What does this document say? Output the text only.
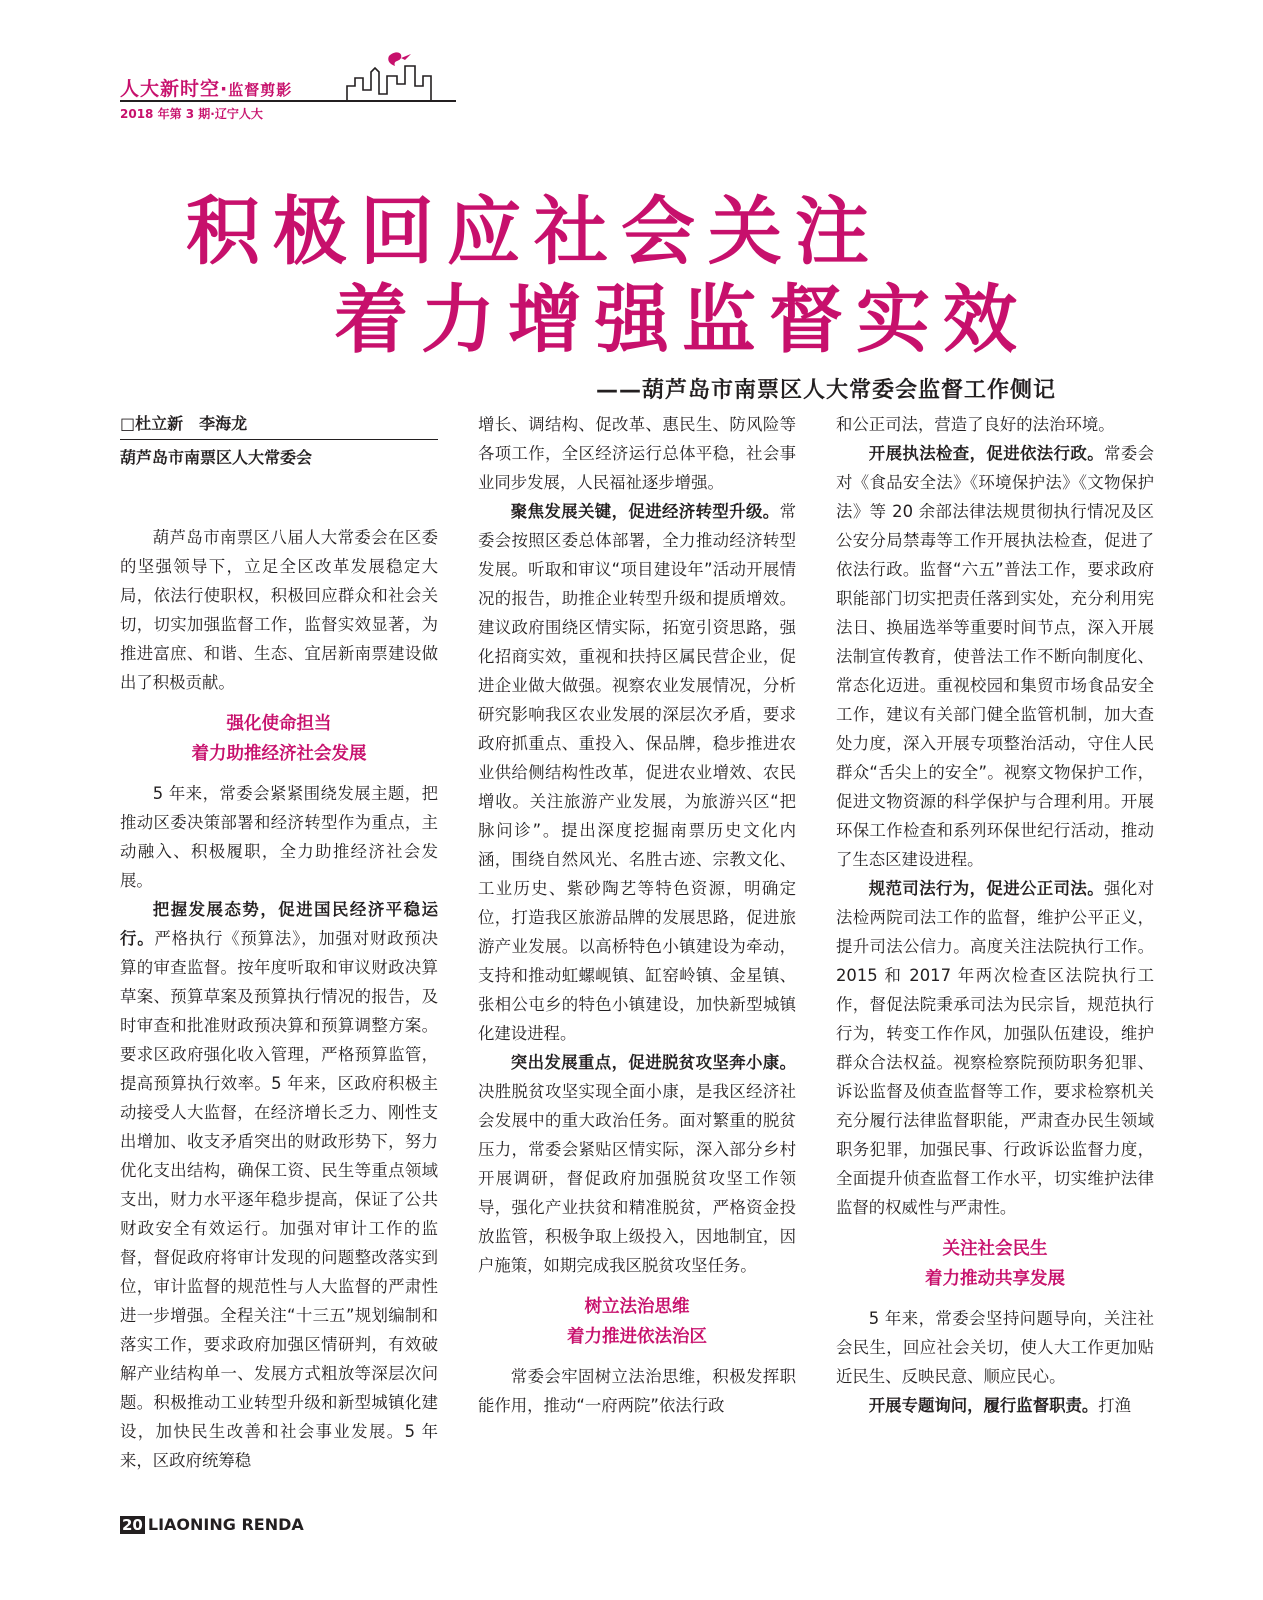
人大新时空·监督剪影
2018 年第 3 期·辽宁人大
积极回应社会关注
着力增强监督实效
——葫芦岛市南票区人大常委会监督工作侧记
□杜立新　李海龙
葫芦岛市南票区人大常委会

葫芦岛市南票区八届人大常委会在区委的坚强领导下，立足全区改革发展稳定大局，依法行使职权，积极回应群众和社会关切，切实加强监督工作，监督实效显著，为推进富庶、和谐、生态、宜居新南票建设做出了积极贡献。

强化使命担当
着力助推经济社会发展

5 年来，常委会紧紧围绕发展主题，把推动区委决策部署和经济转型作为重点，主动融入、积极履职，全力助推经济社会发展。

把握发展态势，促进国民经济平稳运行。严格执行《预算法》，加强对财政预决算的审查监督。按年度听取和审议财政决算草案、预算草案及预算执行情况的报告，及时审查和批准财政预决算和预算调整方案。要求区政府强化收入管理，严格预算监管，提高预算执行效率。5 年来，区政府积极主动接受人大监督，在经济增长乏力、刚性支出增加、收支矛盾突出的财政形势下，努力优化支出结构，确保工资、民生等重点领域支出，财力水平逐年稳步提高，保证了公共财政安全有效运行。加强对审计工作的监督，督促政府将审计发现的问题整改落实到位，审计监督的规范性与人大监督的严肃性进一步增强。全程关注“十三五”规划编制和落实工作，要求政府加强区情研判，有效破解产业结构单一、发展方式粗放等深层次问题。积极推动工业转型升级和新型城镇化建设，加快民生改善和社会事业发展。5 年来，区政府统筹稳

增长、调结构、促改革、惠民生、防风险等各项工作，全区经济运行总体平稳，社会事业同步发展，人民福祉逐步增强。

聚焦发展关键，促进经济转型升级。常委会按照区委总体部署，全力推动经济转型发展。听取和审议“项目建设年”活动开展情况的报告，助推企业转型升级和提质增效。建议政府围绕区情实际，拓宽引资思路，强化招商实效，重视和扶持区属民营企业，促进企业做大做强。视察农业发展情况，分析研究影响我区农业发展的深层次矛盾，要求政府抓重点、重投入、保品牌，稳步推进农业供给侧结构性改革，促进农业增效、农民增收。关注旅游产业发展，为旅游兴区“把脉问诊”。提出深度挖掘南票历史文化内涵，围绕自然风光、名胜古迹、宗教文化、工业历史、紫砂陶艺等特色资源，明确定位，打造我区旅游品牌的发展思路，促进旅游产业发展。以高桥特色小镇建设为牵动，支持和推动虹螺岘镇、缸窑岭镇、金星镇、张相公屯乡的特色小镇建设，加快新型城镇化建设进程。

突出发展重点，促进脱贫攻坚奔小康。决胜脱贫攻坚实现全面小康，是我区经济社会发展中的重大政治任务。面对繁重的脱贫压力，常委会紧贴区情实际，深入部分乡村开展调研，督促政府加强脱贫攻坚工作领导，强化产业扶贫和精准脱贫，严格资金投放监管，积极争取上级投入，因地制宜，因户施策，如期完成我区脱贫攻坚任务。

树立法治思维
着力推进依法治区

常委会牢固树立法治思维，积极发挥职能作用，推动“一府两院”依法行政

和公正司法，营造了良好的法治环境。

开展执法检查，促进依法行政。常委会对《食品安全法》《环境保护法》《文物保护法》等 20 余部法律法规贯彻执行情况及区公安分局禁毒等工作开展执法检查，促进了依法行政。监督“六五”普法工作，要求政府职能部门切实把责任落到实处，充分利用宪法日、换届选举等重要时间节点，深入开展法制宣传教育，使普法工作不断向制度化、常态化迈进。重视校园和集贸市场食品安全工作，建议有关部门健全监管机制，加大查处力度，深入开展专项整治活动，守住人民群众“舌尖上的安全”。视察文物保护工作，促进文物资源的科学保护与合理利用。开展环保工作检查和系列环保世纪行活动，推动了生态区建设进程。

规范司法行为，促进公正司法。强化对法检两院司法工作的监督，维护公平正义，提升司法公信力。高度关注法院执行工作。2015 和 2017 年两次检查区法院执行工作，督促法院秉承司法为民宗旨，规范执行行为，转变工作作风，加强队伍建设，维护群众合法权益。视察检察院预防职务犯罪、诉讼监督及侦查监督等工作，要求检察机关充分履行法律监督职能，严肃查办民生领域职务犯罪，加强民事、行政诉讼监督力度，全面提升侦查监督工作水平，切实维护法律监督的权威性与严肃性。

关注社会民生
着力推动共享发展

5 年来，常委会坚持问题导向，关注社会民生，回应社会关切，使人大工作更加贴近民生、反映民意、顺应民心。

开展专题询问，履行监督职责。打渔

20 LIAONING RENDA
